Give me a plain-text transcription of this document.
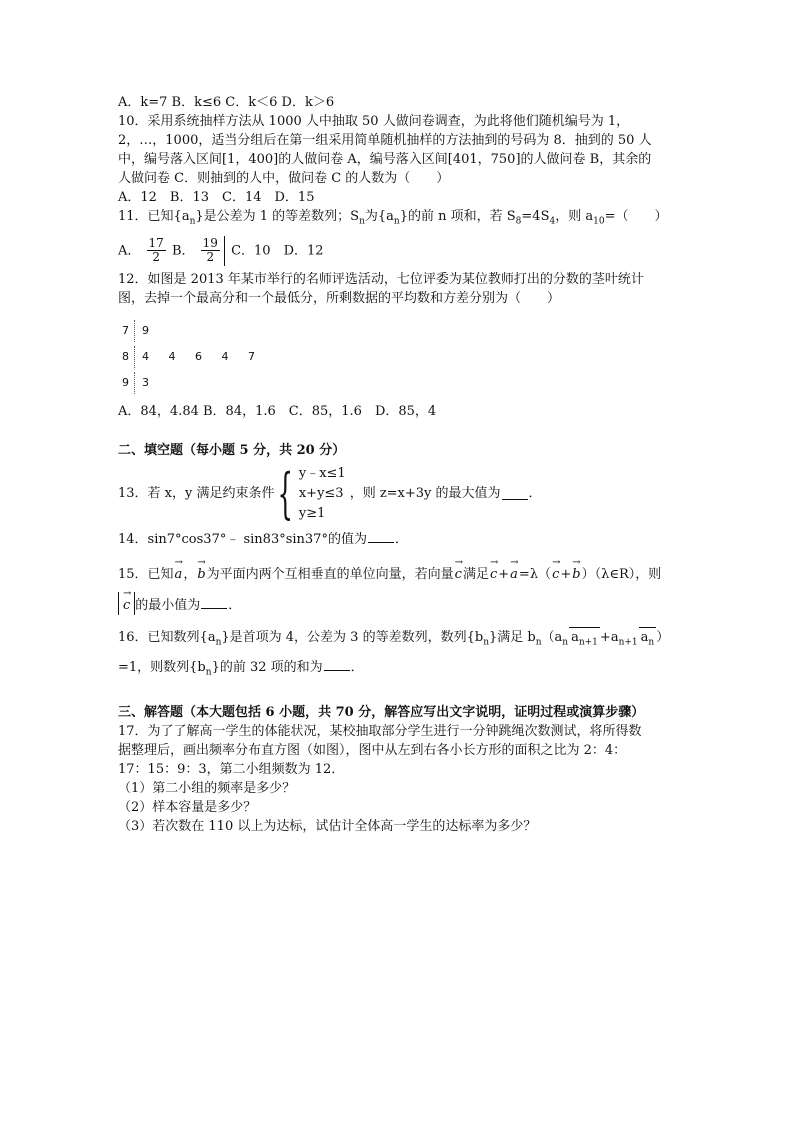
A．k=7 B．k≤6 C．k＜6 D．k＞6
10．采用系统抽样方法从 1000 人中抽取 50 人做问卷调查，为此将他们随机编号为 1，
2，…，1000，适当分组后在第一组采用简单随机抽样的方法抽到的号码为 8．抽到的 50 人
中，编号落入区间[1，400]的人做问卷 A，编号落入区间[401，750]的人做问卷 B，其余的
人做问卷 C．则抽到的人中，做问卷 C 的人数为（　　）
A．12　B．13　C．14　D．15
11．已知$\{a_n\}$是公差为 1 的等差数列；$S_n$为$\{a_n\}$的前 n 项和，若 $S_8=4S_4$，则 $a_{10}=$（　　）
A． $\frac{17}{2}$ B． $\frac{19}{2}$ C．10　D．12
12．如图是 2013 年某市举行的名师评选活动，七位评委为某位教师打出的分数的茎叶统计
图，去掉一个最高分和一个最低分，所剩数据的平均数和方差分别为（　　）
7	9
8	4 4 6 4 7
9	3
A．84，4.84 B．84，1.6　C．85，1.6　D．85，4
二、填空题（每小题 5 分，共 20 分）
13．若 x，y 满足约束条件 { y﹣x≤1
x+y≤3
y≥1
，则 z=x+3y 的最大值为 ．
14．sin7°cos37°﹣ sin83°sin37°的值为 ．
15．已知→ a，→ b为平面内两个互相垂直的单位向量，若向量→ c满足→ c+→ a=λ（→ c+→ b）（λ∈R），则
→ c 的最小值为 ．
16．已知数列$\{a_n\}$是首项为 4，公差为 3 的等差数列，数列$\{b_n\}$满足 $b_n(a_n$ $a_{n+1} +a_{n+1}$ $a_n$ ）
=1，则数列$\{b_n\}$的前 32 项的和为 ．
三、解答题（本大题包括 6 小题，共 70 分，解答应写出文字说明，证明过程或演算步骤）
17．为了了解高一学生的体能状况，某校抽取部分学生进行一分钟跳绳次数测试，将所得数
据整理后，画出频率分布直方图（如图），图中从左到右各小长方形的面积之比为 2：4：
17：15：9：3，第二小组频数为 12．
（1）第二小组的频率是多少？
（2）样本容量是多少？
（3）若次数在 110 以上为达标，试估计全体高一学生的达标率为多少？
